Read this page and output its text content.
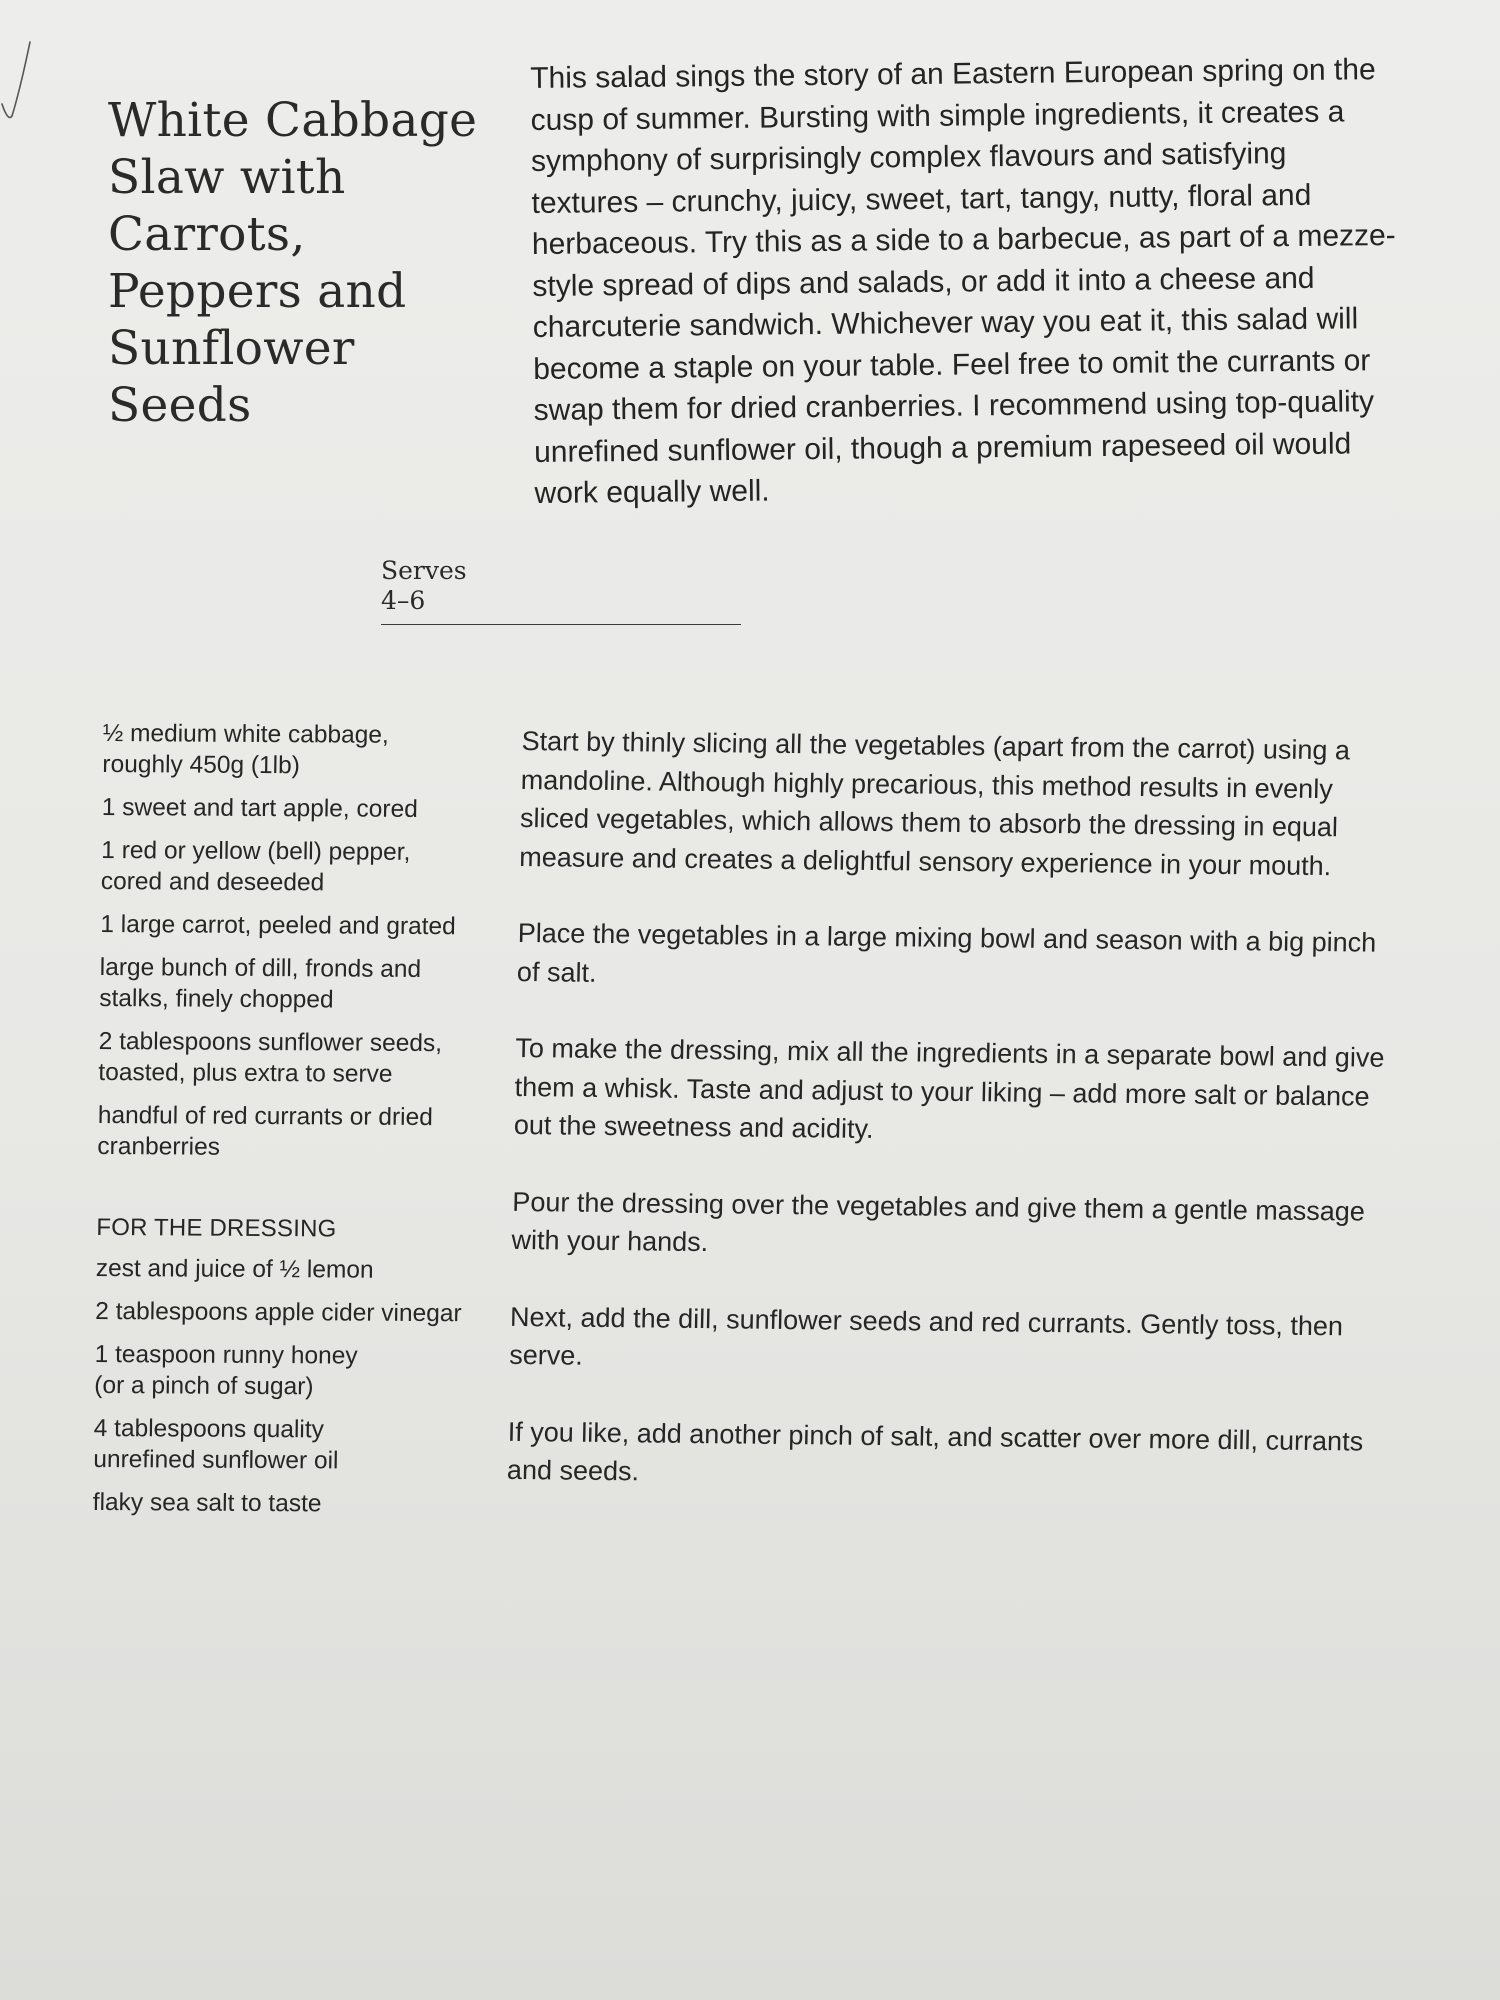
White Cabbage
Slaw with
Carrots,
Peppers and
Sunflower
Seeds

This salad sings the story of an Eastern European spring on the cusp of summer. Bursting with simple ingredients, it creates a symphony of surprisingly complex flavours and satisfying textures – crunchy, juicy, sweet, tart, tangy, nutty, floral and herbaceous. Try this as a side to a barbecue, as part of a mezze-style spread of dips and salads, or add it into a cheese and charcuterie sandwich. Whichever way you eat it, this salad will become a staple on your table. Feel free to omit the currants or swap them for dried cranberries. I recommend using top-quality unrefined sunflower oil, though a premium rapeseed oil would work equally well.

Serves
4–6
½ medium white cabbage,
roughly 450g (1lb)
1 sweet and tart apple, cored
1 red or yellow (bell) pepper,
cored and deseeded
1 large carrot, peeled and grated
large bunch of dill, fronds and
stalks, finely chopped
2 tablespoons sunflower seeds,
toasted, plus extra to serve
handful of red currants or dried
cranberries
FOR THE DRESSING
zest and juice of ½ lemon
2 tablespoons apple cider vinegar
1 teaspoon runny honey
(or a pinch of sugar)
4 tablespoons quality
unrefined sunflower oil
flaky sea salt to taste

Start by thinly slicing all the vegetables (apart from the carrot) using a mandoline. Although highly precarious, this method results in evenly sliced vegetables, which allows them to absorb the dressing in equal measure and creates a delightful sensory experience in your mouth.

Place the vegetables in a large mixing bowl and season with a big pinch of salt.

To make the dressing, mix all the ingredients in a separate bowl and give them a whisk. Taste and adjust to your liking – add more salt or balance out the sweetness and acidity.

Pour the dressing over the vegetables and give them a gentle massage with your hands.

Next, add the dill, sunflower seeds and red currants. Gently toss, then serve.

If you like, add another pinch of salt, and scatter over more dill, currants and seeds.
